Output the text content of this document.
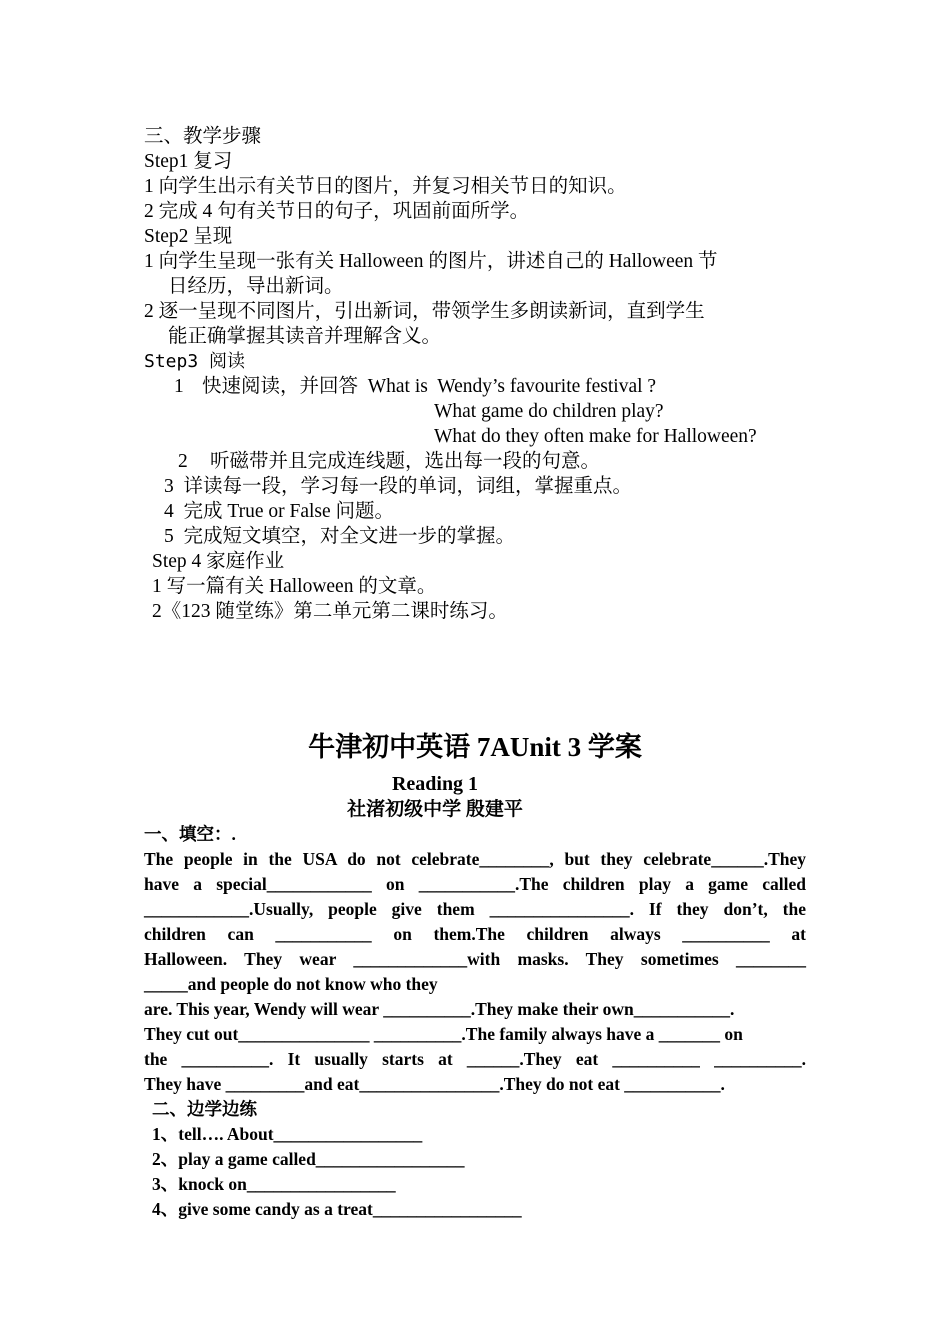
三、教学步骤
Step1 复习
1 向学生出示有关节日的图片，并复习相关节日的知识。
2 完成 4 句有关节日的句子，巩固前面所学。
Step2 呈现
1 向学生呈现一张有关 Halloween 的图片，讲述自己的 Halloween 节
日经历，导出新词。
2 逐一呈现不同图片，引出新词，带领学生多朗读新词，直到学生
能正确掌握其读音并理解含义。
Step3 阅读
1 快速阅读，并回答  What is  Wendy’s favourite festival ?
What game do children play?
What do they often make for Halloween?
2 听磁带并且完成连线题，选出每一段的句意。
3  详读每一段，学习每一段的单词，词组，掌握重点。
4  完成 True or False 问题。
5  完成短文填空，对全文进一步的掌握。
Step 4 家庭作业
1 写一篇有关 Halloween 的文章。
2《123 随堂练》第二单元第二课时练习。
牛津初中英语 7AUnit 3 学案
Reading 1
社渚初级中学 殷建平
一、填空：.
The people in the USA do not celebrate________, but they celebrate______.They
have a special____________ on ___________.The children play a game called
____________.Usually, people give them ________________. If they don’t, the
children can ___________ on them.The children always __________ at
Halloween. They wear _____________with masks. They sometimes ________
_____and people do not know who they
are. This year, Wendy will wear __________.They make their own___________.
They cut out_______________ __________.The family always have a _______ on
the __________. It usually starts at ______.They eat __________ __________.
They have _________and eat________________.They do not eat ___________.
二、边学边练
1、tell…. About_________________
2、play a game called_________________
3、knock on_________________
4、give some candy as a treat_________________
